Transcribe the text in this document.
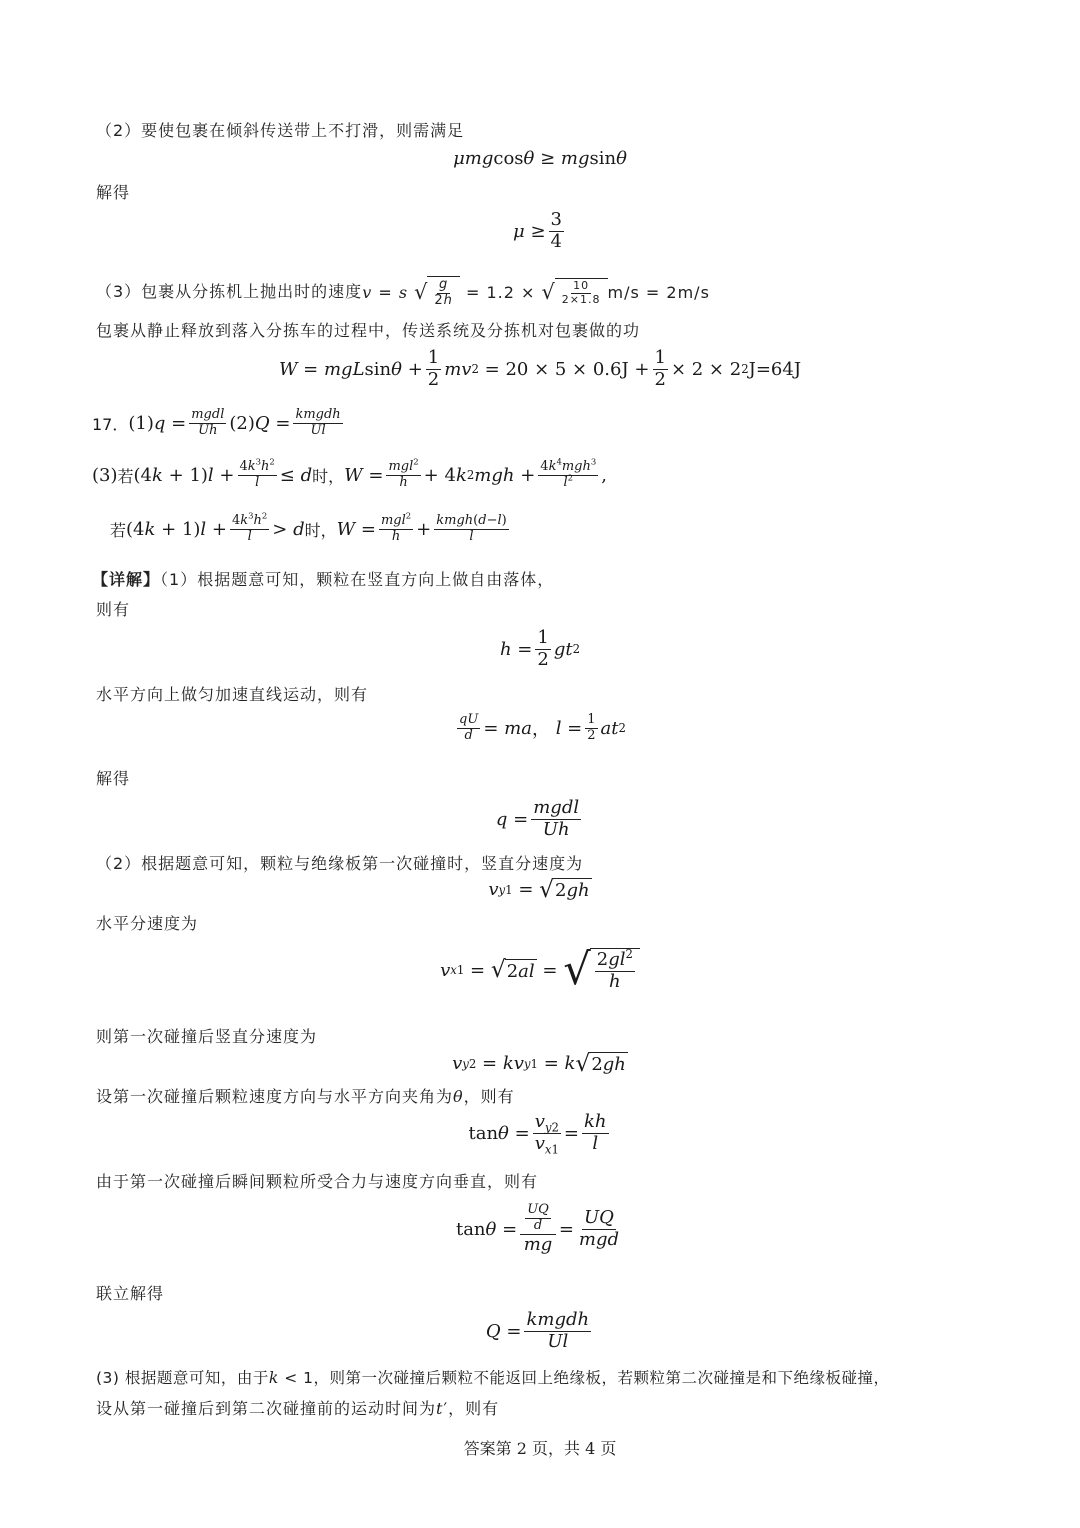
（2）要使包裹在倾斜传送带上不打滑，则需满足
μmgcosθ ≥ mgsinθ
解得
$\mu \ge \frac{3}{4}$
（3）包裹从分拣机上抛出时的速度 v = s
√ $\frac{g}{2h} = 1.2$ × √ $\frac{10}{2\times 1.8} m/s = 2m/s$
包裹从静止释放到落入分拣车的过程中，传送系统及分拣机对包裹做的功
W = mgL $\sin \theta + \frac{1}{2}$ mv $2 = 20 \times 5 \times 0.6J + \frac{1}{2} \times 2 \times 2$ 2 J=64J
17． (1) $q = \frac{\text{mgdl}}{Uh} (2) Q = \frac{\text{kmgdh}}{Ul}$
(3) 若 (4 k + 1) $l + \frac{4k^3h^2}{l} \le d$ 时， $W = \frac{mgl^2}{h} + 4$ k 2 mgh + $\frac{4k^4mgh^3}{l^2}$ ,
若 (4 k + 1) $l + \frac{4k^3h^2}{l} > d$ 时， $W = \frac{mgl^2}{h} + \frac{\text{kmgh(d−l)}}{l}$
【详解】（1）根据题意可知，颗粒在竖直方向上做自由落体，
则有
$h = \frac{1}{2}$ gt 2
水平方向上做匀加速直线运动，则有
$\frac{qU}{d}$ = ma ， $l = \frac{1}{2}$ at 2
解得
$q = \frac{\text{mgdl}}{Uh}$
（2）根据题意可知，颗粒与绝缘板第一次碰撞时，竖直分速度为
v y1 = √ 2gh
水平分速度为
v x1 = √ 2al = √ $\frac{2gl^2}{h}$
则第一次碰撞后竖直分速度为
v y2 = kv y1 = k √ 2gh
设第一次碰撞后颗粒速度方向与水平方向夹角为θ，则有
$\tan \theta = \frac{v_{y2}}{v_{x1}} = \frac{kh}{l}$
由于第一次碰撞后瞬间颗粒所受合力与速度方向垂直，则有
$\tan \theta = \frac{\frac{UQ}{d}}{mg} = \frac{UQ}{\text{mgd}}$
联立解得
$Q = \frac{\text{kmgdh}}{Ul}$
(3) 根据题意可知，由于k < 1，则第一次碰撞后颗粒不能返回上绝缘板，若颗粒第二次碰撞是和下绝缘板碰撞，
设从第一碰撞后到第二次碰撞前的运动时间为t′，则有
答案第 2 页，共 4 页
